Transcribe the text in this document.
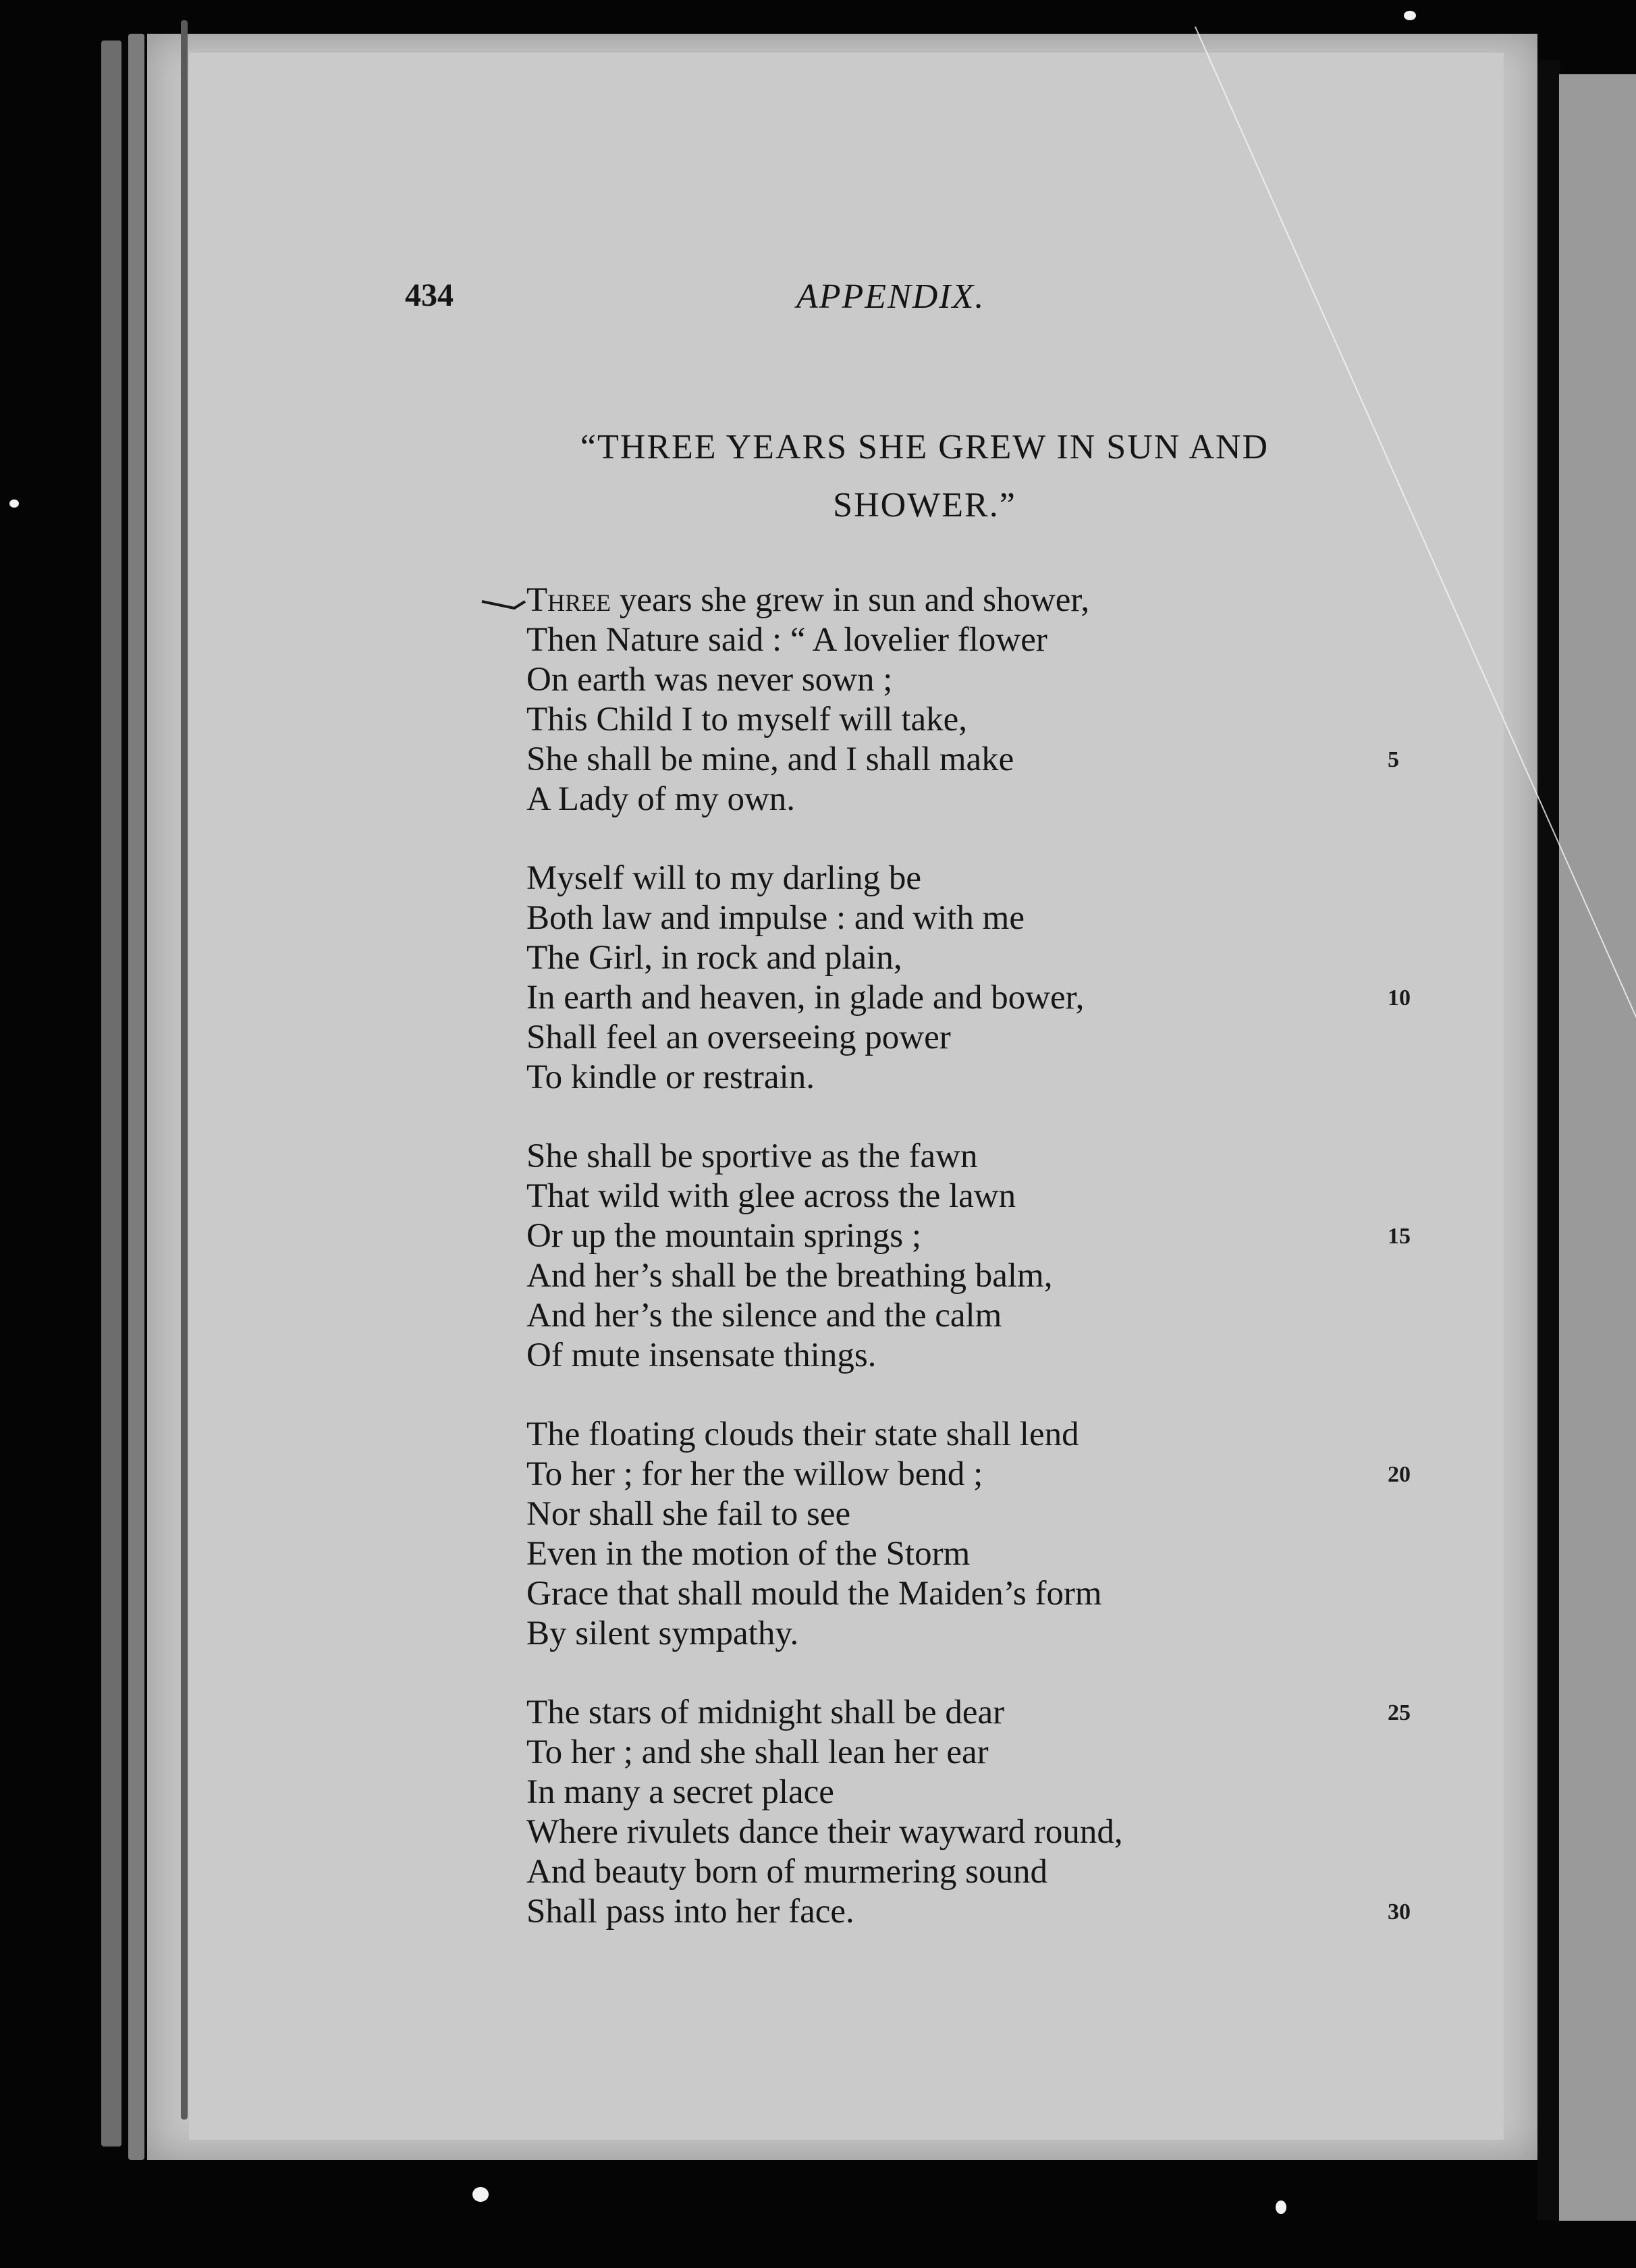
434	APPENDIX.
“THREE YEARS SHE GREW IN SUN AND
SHOWER.”
Three years she grew in sun and shower,
Then Nature said : “ A lovelier flower
On earth was never sown ;
This Child I to myself will take,
She shall be mine, and I shall make	5
A Lady of my own.
Myself will to my darling be
Both law and impulse : and with me
The Girl, in rock and plain,
In earth and heaven, in glade and bower,	10
Shall feel an overseeing power
To kindle or restrain.
She shall be sportive as the fawn
That wild with glee across the lawn
Or up the mountain springs ;	15
And her’s shall be the breathing balm,
And her’s the silence and the calm
Of mute insensate things.
The floating clouds their state shall lend
To her ; for her the willow bend ;	20
Nor shall she fail to see
Even in the motion of the Storm
Grace that shall mould the Maiden’s form
By silent sympathy.
The stars of midnight shall be dear	25
To her ; and she shall lean her ear
In many a secret place
Where rivulets dance their wayward round,
And beauty born of murmering sound
Shall pass into her face.	30
